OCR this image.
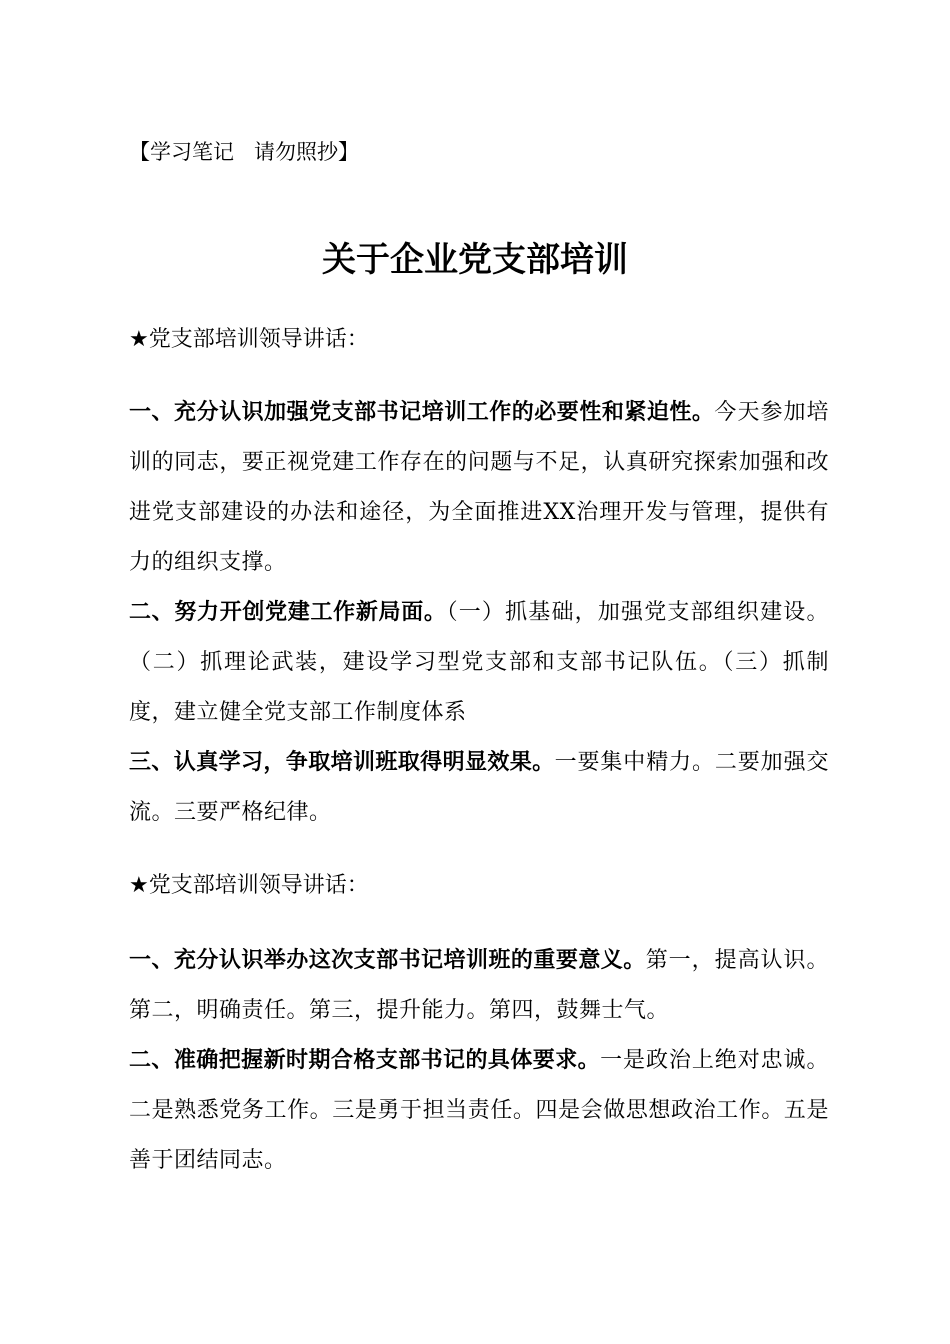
【学习笔记   请勿照抄】
关于企业党支部培训
★党支部培训领导讲话：
一、充分认识加强党支部书记培训工作的必要性和紧迫性。今天参加培训的同志，要正视党建工作存在的问题与不足，认真研究探索加强和改进党支部建设的办法和途径，为全面推进XX治理开发与管理，提供有力的组织支撑。
二、努力开创党建工作新局面。（一）抓基础，加强党支部组织建设。（二）抓理论武装，建设学习型党支部和支部书记队伍。（三）抓制度，建立健全党支部工作制度体系
三、认真学习，争取培训班取得明显效果。一要集中精力。二要加强交流。三要严格纪律。
★党支部培训领导讲话：
一、充分认识举办这次支部书记培训班的重要意义。第一，提高认识。第二，明确责任。第三，提升能力。第四，鼓舞士气。
二、准确把握新时期合格支部书记的具体要求。一是政治上绝对忠诚。二是熟悉党务工作。三是勇于担当责任。四是会做思想政治工作。五是善于团结同志。
